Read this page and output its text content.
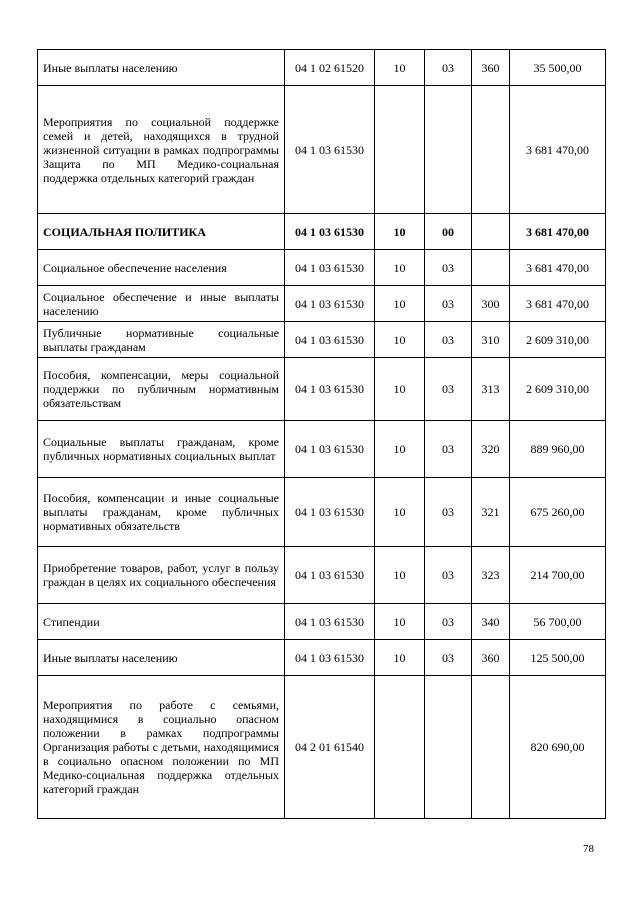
Иные выплаты населению	04 1 02 61520	10	03	360	35 500,00
Мероприятия по социальной поддержке семей и детей, находящихся в трудной жизненной ситуации в рамках подпрограммы Защита по МП Медико-социальная поддержка отдельных категорий граждан	04 1 03 61530				3 681 470,00
СОЦИАЛЬНАЯ ПОЛИТИКА	04 1 03 61530	10	00		3 681 470,00
Социальное обеспечение населения	04 1 03 61530	10	03		3 681 470,00
Социальное обеспечение и иные выплаты населению	04 1 03 61530	10	03	300	3 681 470,00
Публичные нормативные социальные выплаты гражданам	04 1 03 61530	10	03	310	2 609 310,00
Пособия, компенсации, меры социальной поддержки по публичным нормативным обязательствам	04 1 03 61530	10	03	313	2 609 310,00
Социальные выплаты гражданам, кроме публичных нормативных социальных выплат	04 1 03 61530	10	03	320	889 960,00
Пособия, компенсации и иные социальные выплаты гражданам, кроме публичных нормативных обязательств	04 1 03 61530	10	03	321	675 260,00
Приобретение товаров, работ, услуг в пользу граждан в целях их социального обеспечения	04 1 03 61530	10	03	323	214 700,00
Стипендии	04 1 03 61530	10	03	340	56 700,00
Иные выплаты населению	04 1 03 61530	10	03	360	125 500,00
Мероприятия по работе с семьями, находящимися в социально опасном положении в рамках подпрограммы Организация работы с детьми, находящимися в социально опасном положении по МП Медико-социальная поддержка отдельных категорий граждан	04 2 01 61540				820 690,00
78
